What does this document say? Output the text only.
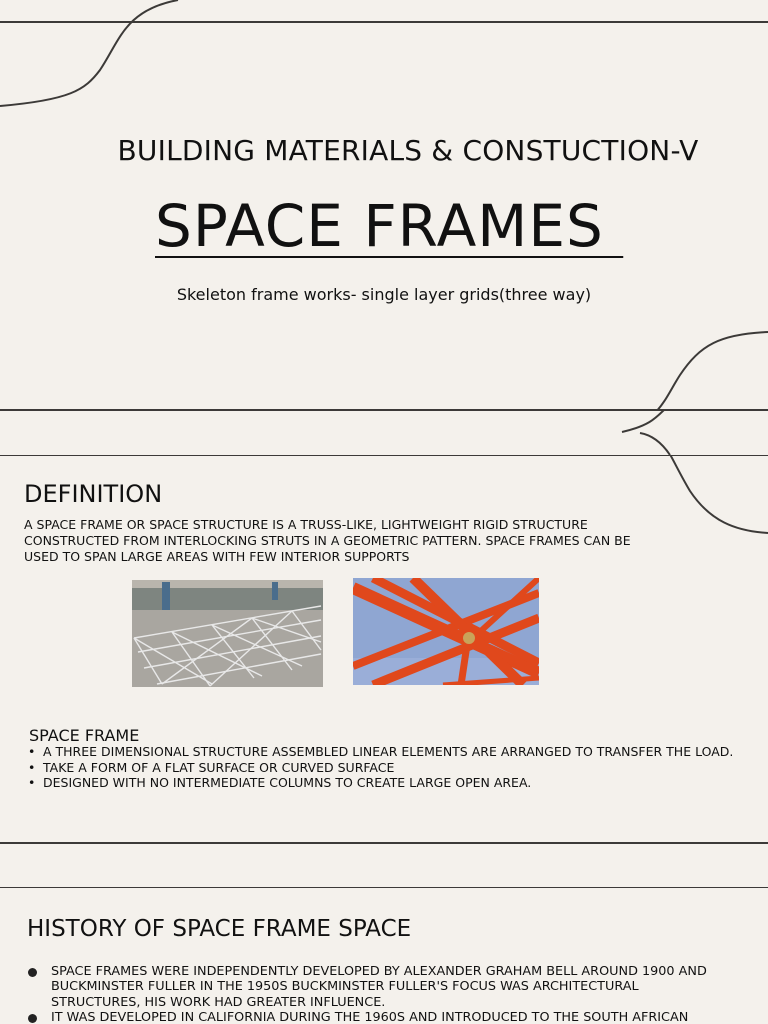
BUILDING MATERIALS & CONSTUCTION-V
SPACE FRAMES
Skeleton frame works- single layer grids(three way)
DEFINITION
A SPACE FRAME OR SPACE STRUCTURE IS A TRUSS-LIKE, LIGHTWEIGHT RIGID STRUCTURE CONSTRUCTED FROM INTERLOCKING STRUTS IN A GEOMETRIC PATTERN. SPACE FRAMES CAN BE USED TO SPAN LARGE AREAS WITH FEW INTERIOR SUPPORTS
SPACE FRAME
• A THREE DIMENSIONAL STRUCTURE ASSEMBLED LINEAR ELEMENTS ARE ARRANGED TO TRANSFER THE LOAD.
• TAKE A FORM OF A FLAT SURFACE OR CURVED SURFACE
• DESIGNED WITH NO INTERMEDIATE COLUMNS TO CREATE LARGE OPEN AREA.
HISTORY OF SPACE FRAME SPACE
SPACE FRAMES WERE INDEPENDENTLY DEVELOPED BY ALEXANDER GRAHAM BELL AROUND 1900 AND BUCKMINSTER FULLER IN THE 1950S BUCKMINSTER FULLER'S FOCUS WAS ARCHITECTURAL STRUCTURES, HIS WORK HAD GREATER INFLUENCE.
IT WAS DEVELOPED IN CALIFORNIA DURING THE 1960S AND INTRODUCED TO THE SOUTH AFRICAN
